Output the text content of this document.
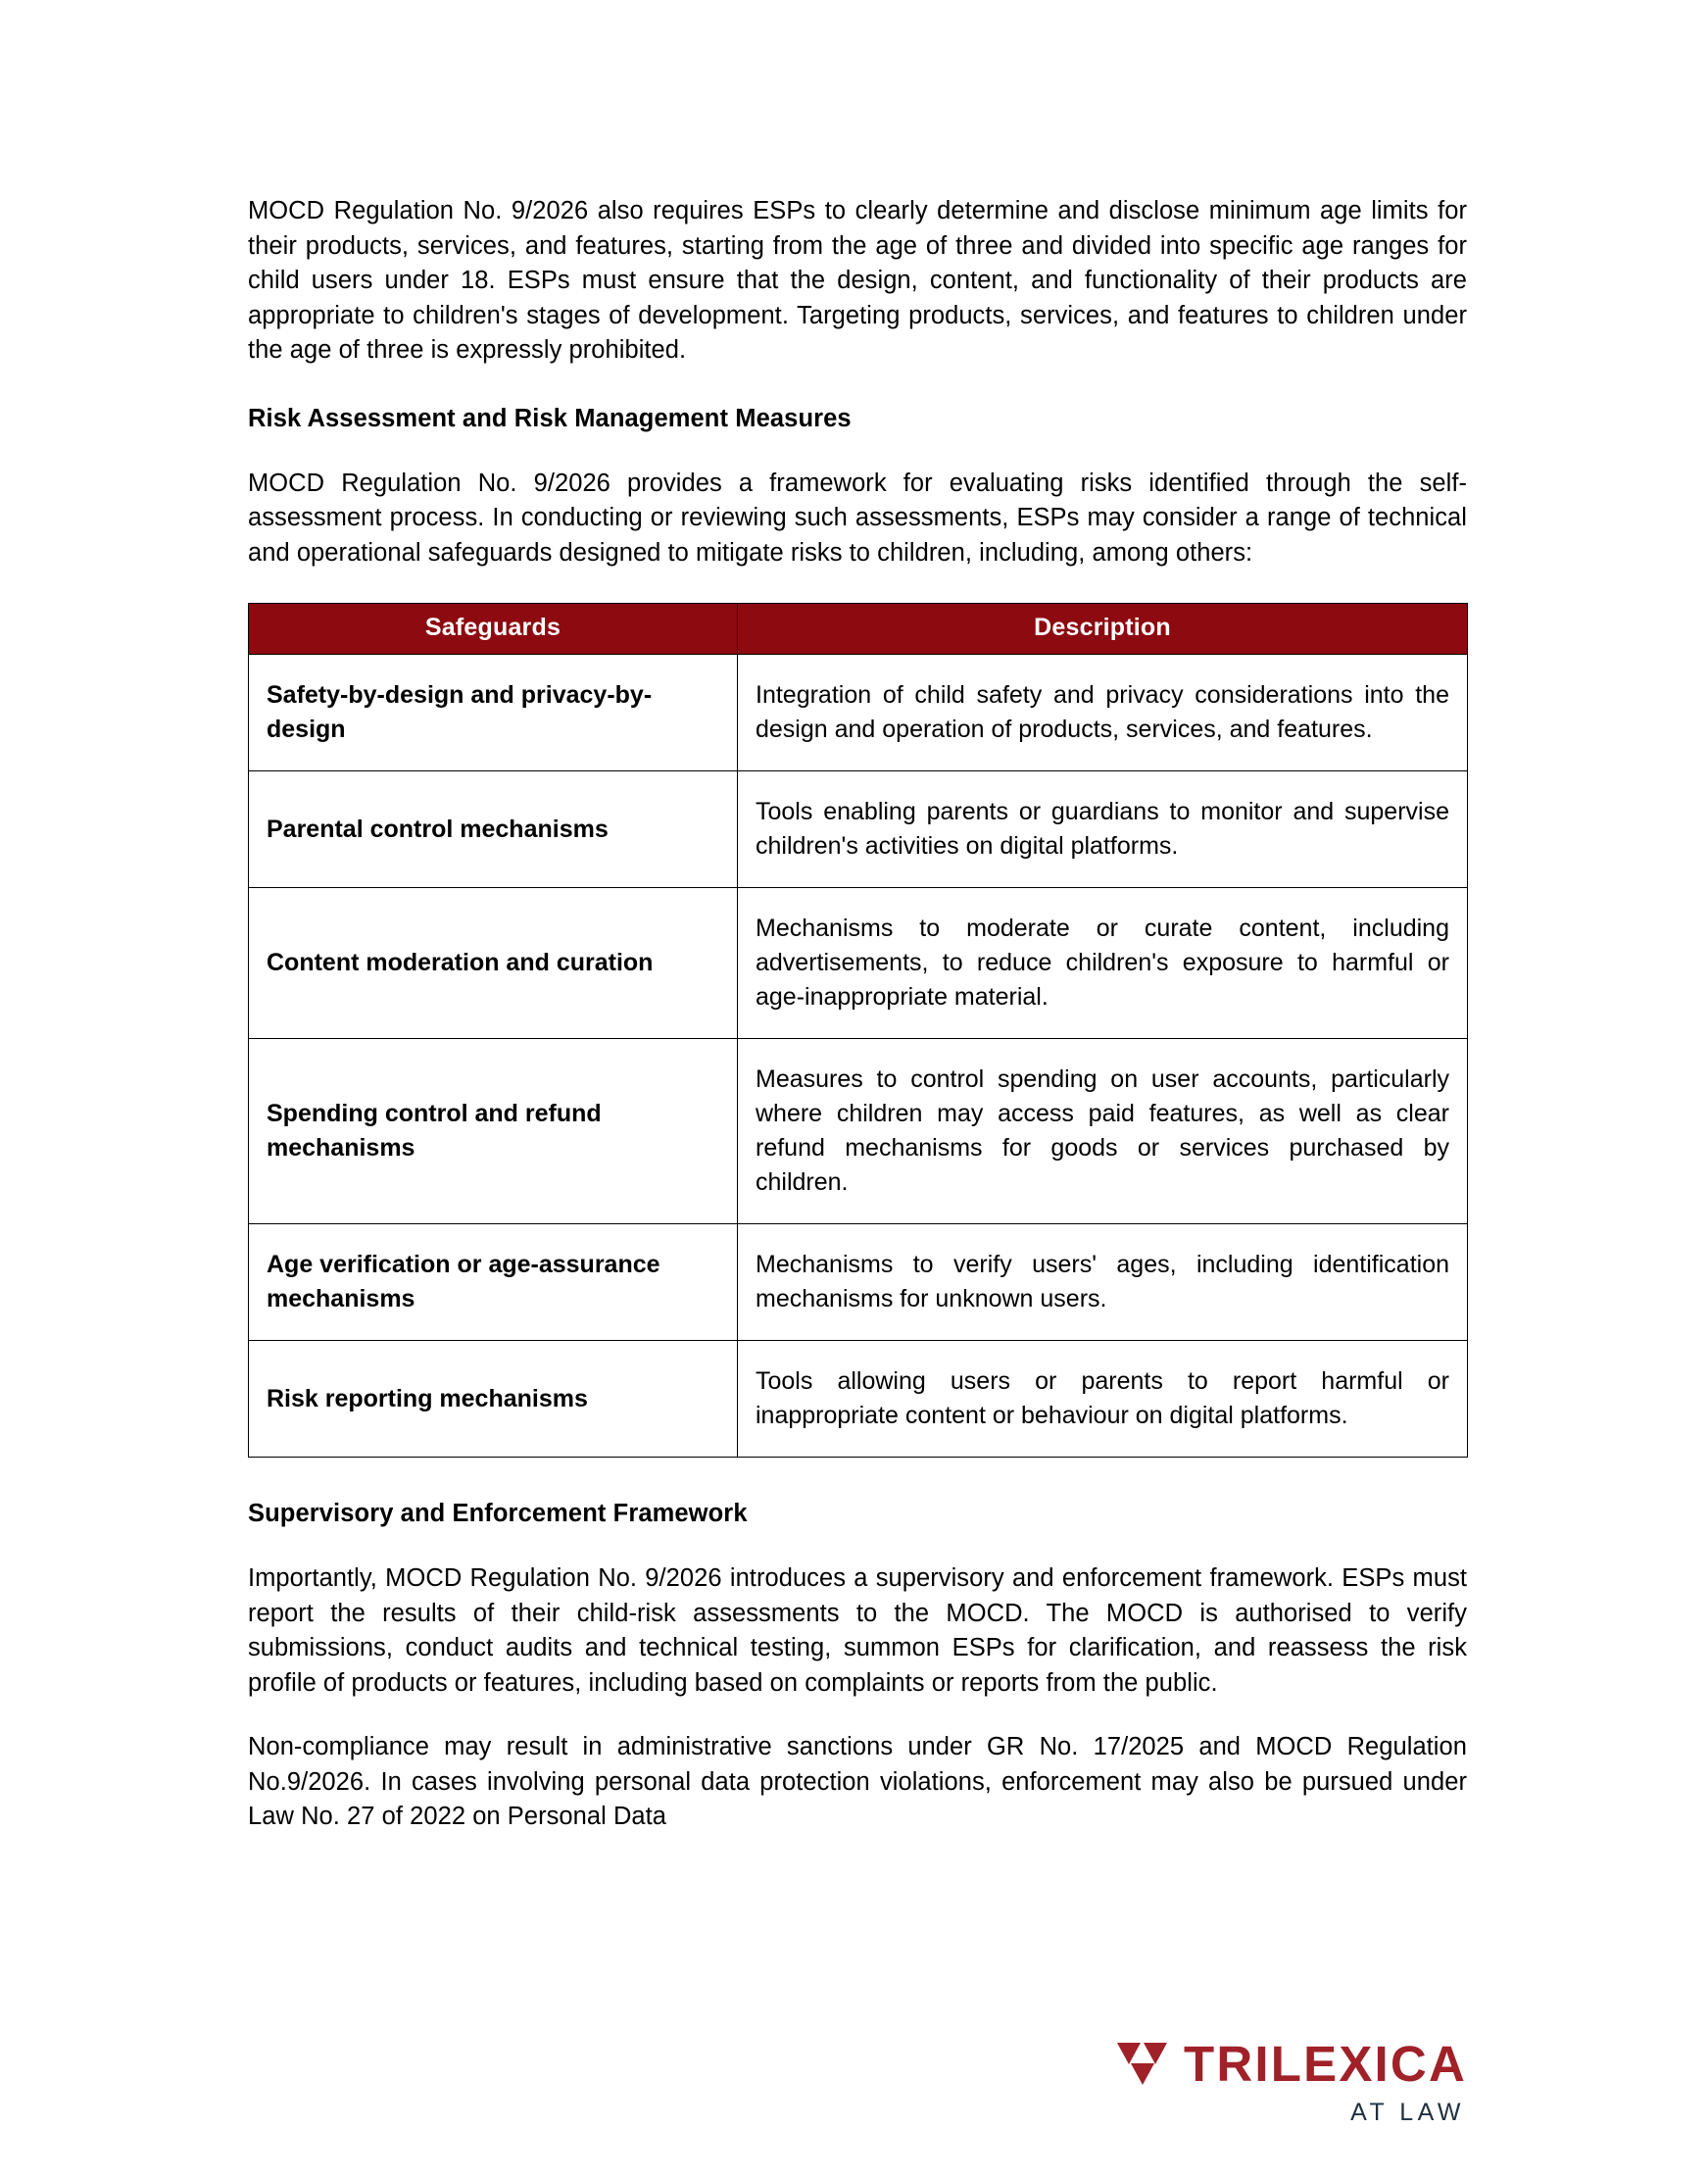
MOCD Regulation No. 9/2026 also requires ESPs to clearly determine and disclose minimum age limits for their products, services, and features, starting from the age of three and divided into specific age ranges for child users under 18. ESPs must ensure that the design, content, and functionality of their products are appropriate to children's stages of development. Targeting products, services, and features to children under the age of three is expressly prohibited.

Risk Assessment and Risk Management Measures

MOCD Regulation No. 9/2026 provides a framework for evaluating risks identified through the self-assessment process. In conducting or reviewing such assessments, ESPs may consider a range of technical and operational safeguards designed to mitigate risks to children, including, among others:

Safeguards	Description
Safety-by-design and privacy-by-design	Integration of child safety and privacy considerations into the design and operation of products, services, and features.
Parental control mechanisms	Tools enabling parents or guardians to monitor and supervise children's activities on digital platforms.
Content moderation and curation	Mechanisms to moderate or curate content, including advertisements, to reduce children's exposure to harmful or age-inappropriate material.
Spending control and refund mechanisms	Measures to control spending on user accounts, particularly where children may access paid features, as well as clear refund mechanisms for goods or services purchased by children.
Age verification or age-assurance mechanisms	Mechanisms to verify users' ages, including identification mechanisms for unknown users.
Risk reporting mechanisms	Tools allowing users or parents to report harmful or inappropriate content or behaviour on digital platforms.
Supervisory and Enforcement Framework

Importantly, MOCD Regulation No. 9/2026 introduces a supervisory and enforcement framework. ESPs must report the results of their child-risk assessments to the MOCD. The MOCD is authorised to verify submissions, conduct audits and technical testing, summon ESPs for clarification, and reassess the risk profile of products or features, including based on complaints or reports from the public.

Non-compliance may result in administrative sanctions under GR No. 17/2025 and MOCD Regulation No.9/2026. In cases involving personal data protection violations, enforcement may also be pursued under Law No. 27 of 2022 on Personal Data

TRILEXICA
AT LAW
